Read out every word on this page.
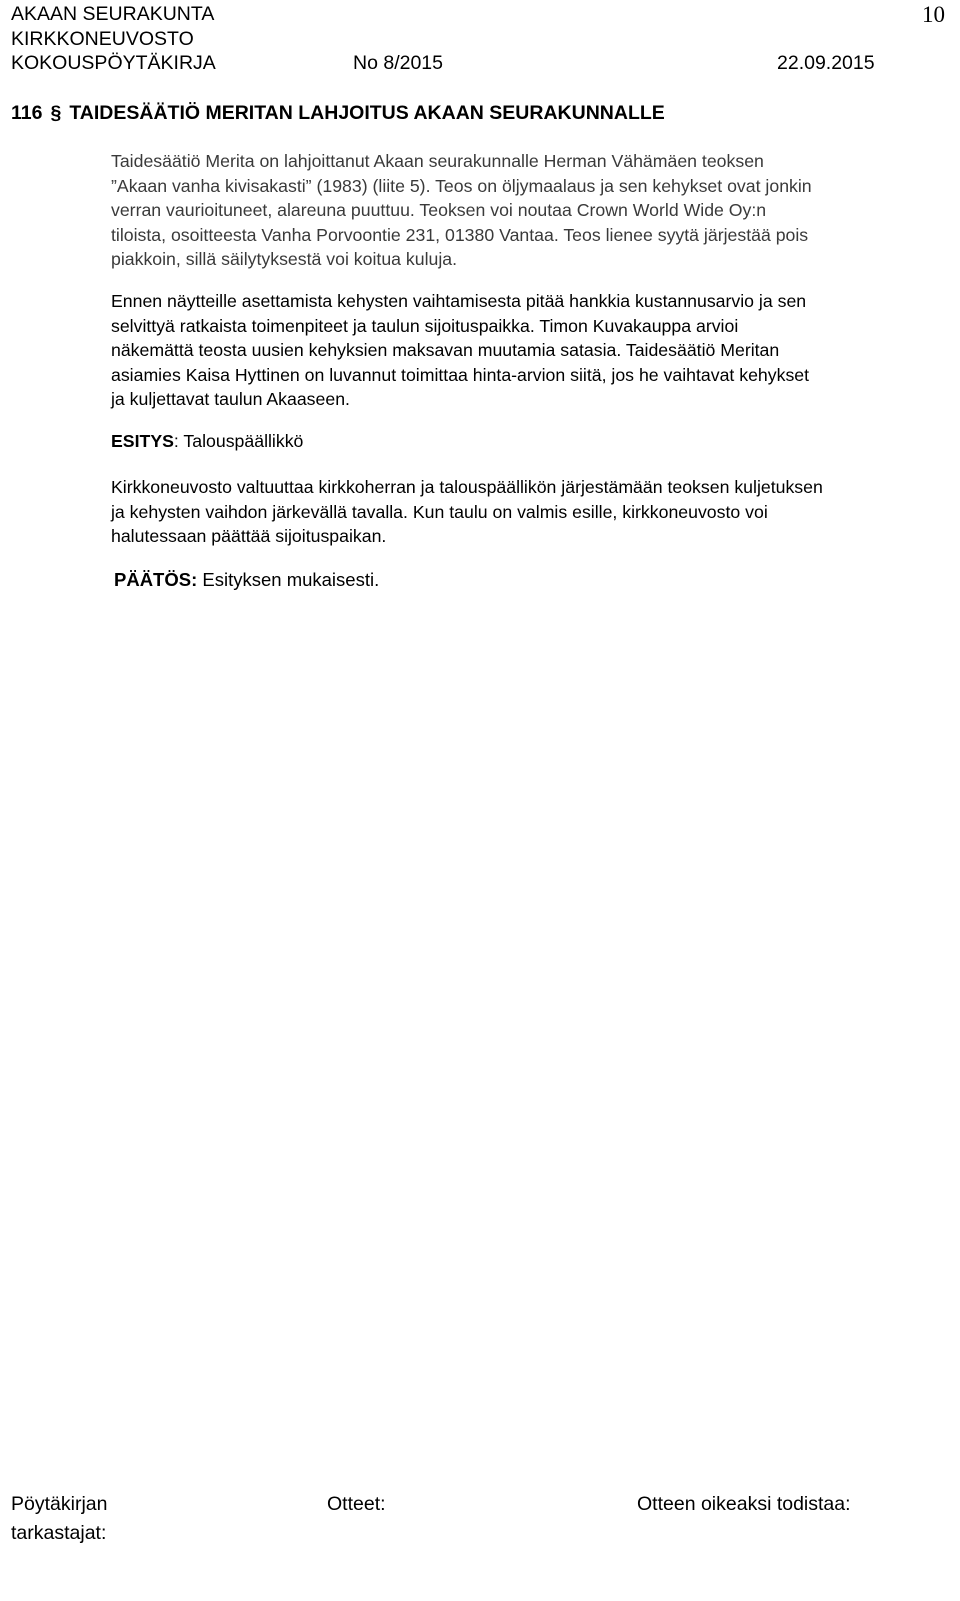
AKAAN SEURAKUNTA
KIRKKONEUVOSTO
KOKOUSPÖYTÄKIRJA	No 8/2015	22.09.2015
10
116 § TAIDESÄÄTIÖ MERITAN LAHJOITUS AKAAN SEURAKUNNALLE

Taidesäätiö Merita on lahjoittanut Akaan seurakunnalle Herman Vähämäen teoksen

”Akaan vanha kivisakasti” (1983) (liite 5). Teos on öljymaalaus ja sen kehykset ovat jonkin

verran vaurioituneet, alareuna puuttuu. Teoksen voi noutaa Crown World Wide Oy:n

tiloista, osoitteesta Vanha Porvoontie 231, 01380 Vantaa. Teos lienee syytä järjestää pois

piakkoin, sillä säilytyksestä voi koitua kuluja.

Ennen näytteille asettamista kehysten vaihtamisesta pitää hankkia kustannusarvio ja sen

selvittyä ratkaista toimenpiteet ja taulun sijoituspaikka. Timon Kuvakauppa arvioi

näkemättä teosta uusien kehyksien maksavan muutamia satasia. Taidesäätiö Meritan

asiamies Kaisa Hyttinen on luvannut toimittaa hinta-arvion siitä, jos he vaihtavat kehykset

ja kuljettavat taulun Akaaseen.

ESITYS: Talouspäällikkö

Kirkkoneuvosto valtuuttaa kirkkoherran ja talouspäällikön järjestämään teoksen kuljetuksen

ja kehysten vaihdon järkevällä tavalla. Kun taulu on valmis esille, kirkkoneuvosto voi

halutessaan päättää sijoituspaikan.

PÄÄTÖS: Esityksen mukaisesti.
Pöytäkirjan
tarkastajat:
Otteet:	Otteen oikeaksi todistaa:
